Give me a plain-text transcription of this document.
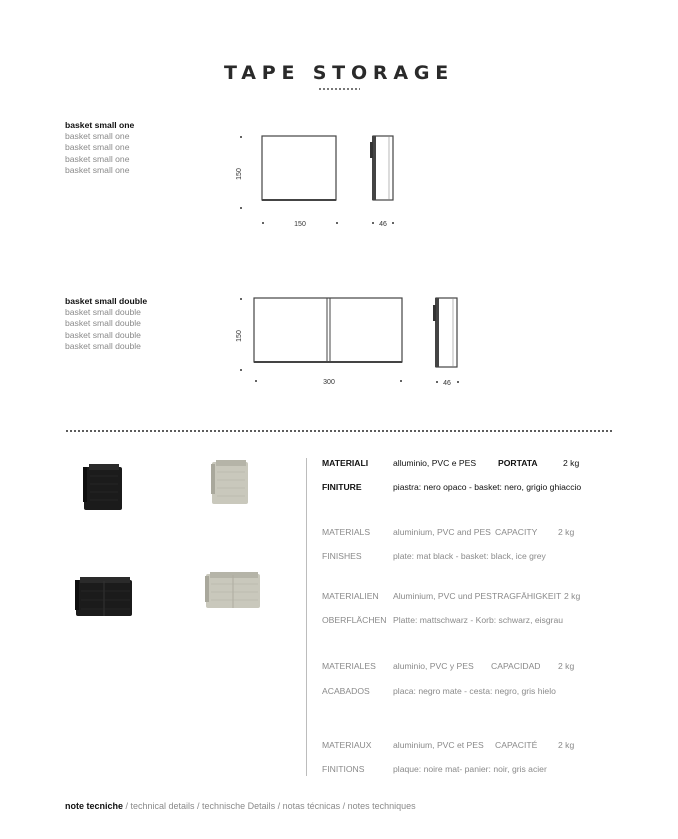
TAPE STORAGE
basket small one
basket small one
basket small one
basket small one
basket small one	150
150	46
basket small double
basket small double
basket small double
basket small double
basket small double
150
300	46
MATERIALI	alluminio, PVC e PES	PORTATA	2 kg
FINITURE	piastra: nero opaco - basket: nero, grigio ghiaccio
MATERIALS	aluminium, PVC and PES CAPACITY 2 kg
FINISHES	plate: mat black - basket: black, ice grey
MATERIALIEN Aluminium, PVC und PES TRAGFÄHIGKEIT 2 kg
OBERFLÄCHEN Platte: mattschwarz - Korb: schwarz, eisgrau
MATERIALES aluminio, PVC y PES CAPACIDAD 2 kg
ACABADOS	placa: negro mate - cesta: negro, gris hielo
MATERIAUX	aluminium, PVC et PES CAPACITÉ 2 kg
FINITIONS	plaque: noire mat- panier: noir, gris acier
note tecniche / technical details / technische Details / notas técnicas / notes techniques
